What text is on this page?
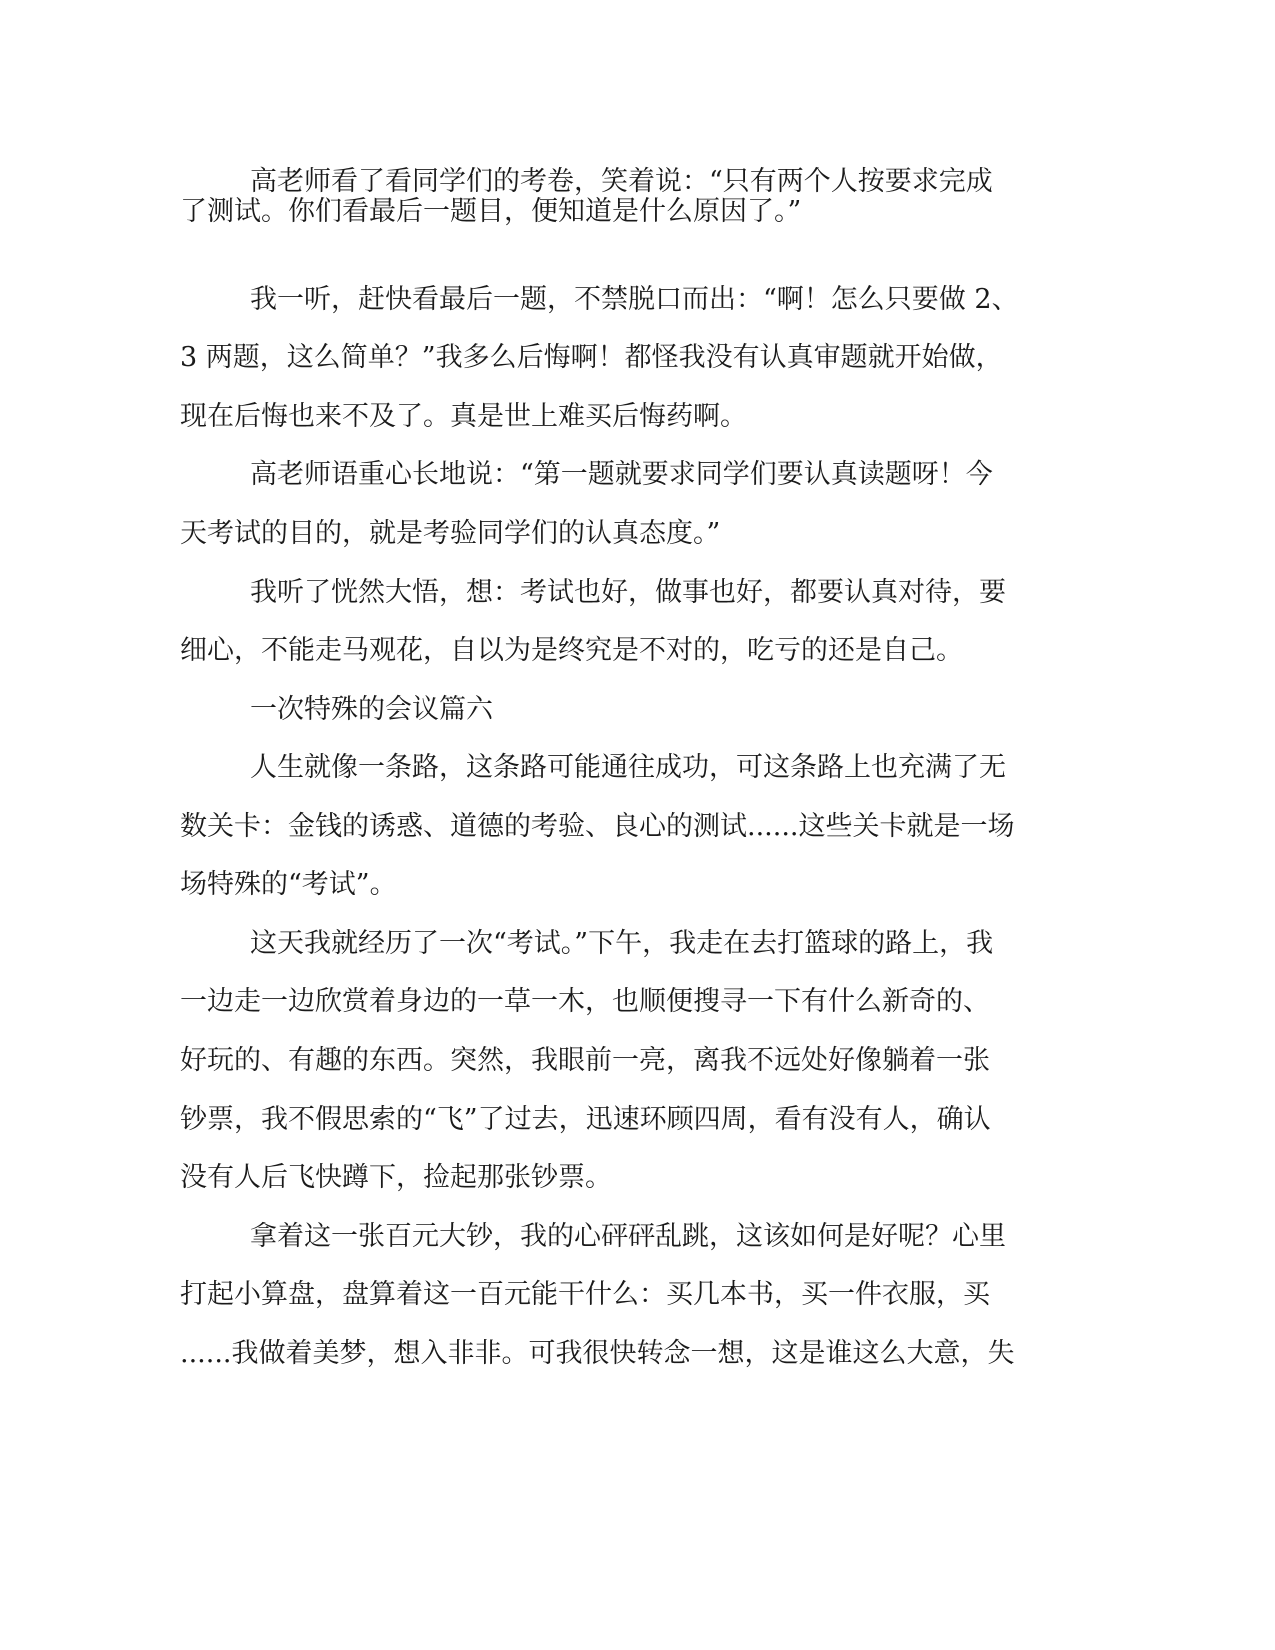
高老师看了看同学们的考卷，笑着说：“只有两个人按要求完成

了测试。你们看最后一题目，便知道是什么原因了。”

我一听，赶快看最后一题，不禁脱口而出：“啊！怎么只要做 2、

3 两题，这么简单？”我多么后悔啊！都怪我没有认真审题就开始做，

现在后悔也来不及了。真是世上难买后悔药啊。

高老师语重心长地说：“第一题就要求同学们要认真读题呀！今

天考试的目的，就是考验同学们的认真态度。”

我听了恍然大悟，想：考试也好，做事也好，都要认真对待，要

细心，不能走马观花，自以为是终究是不对的，吃亏的还是自己。

一次特殊的会议篇六

人生就像一条路，这条路可能通往成功，可这条路上也充满了无

数关卡：金钱的诱惑、道德的考验、良心的测试......这些关卡就是一场

场特殊的“考试”。

这天我就经历了一次“考试。”下午，我走在去打篮球的路上，我

一边走一边欣赏着身边的一草一木，也顺便搜寻一下有什么新奇的、

好玩的、有趣的东西。突然，我眼前一亮，离我不远处好像躺着一张

钞票，我不假思索的“飞”了过去，迅速环顾四周，看有没有人，确认

没有人后飞快蹲下，捡起那张钞票。

拿着这一张百元大钞，我的心砰砰乱跳，这该如何是好呢？心里

打起小算盘，盘算着这一百元能干什么：买几本书，买一件衣服，买

......我做着美梦，想入非非。可我很快转念一想，这是谁这么大意，失
